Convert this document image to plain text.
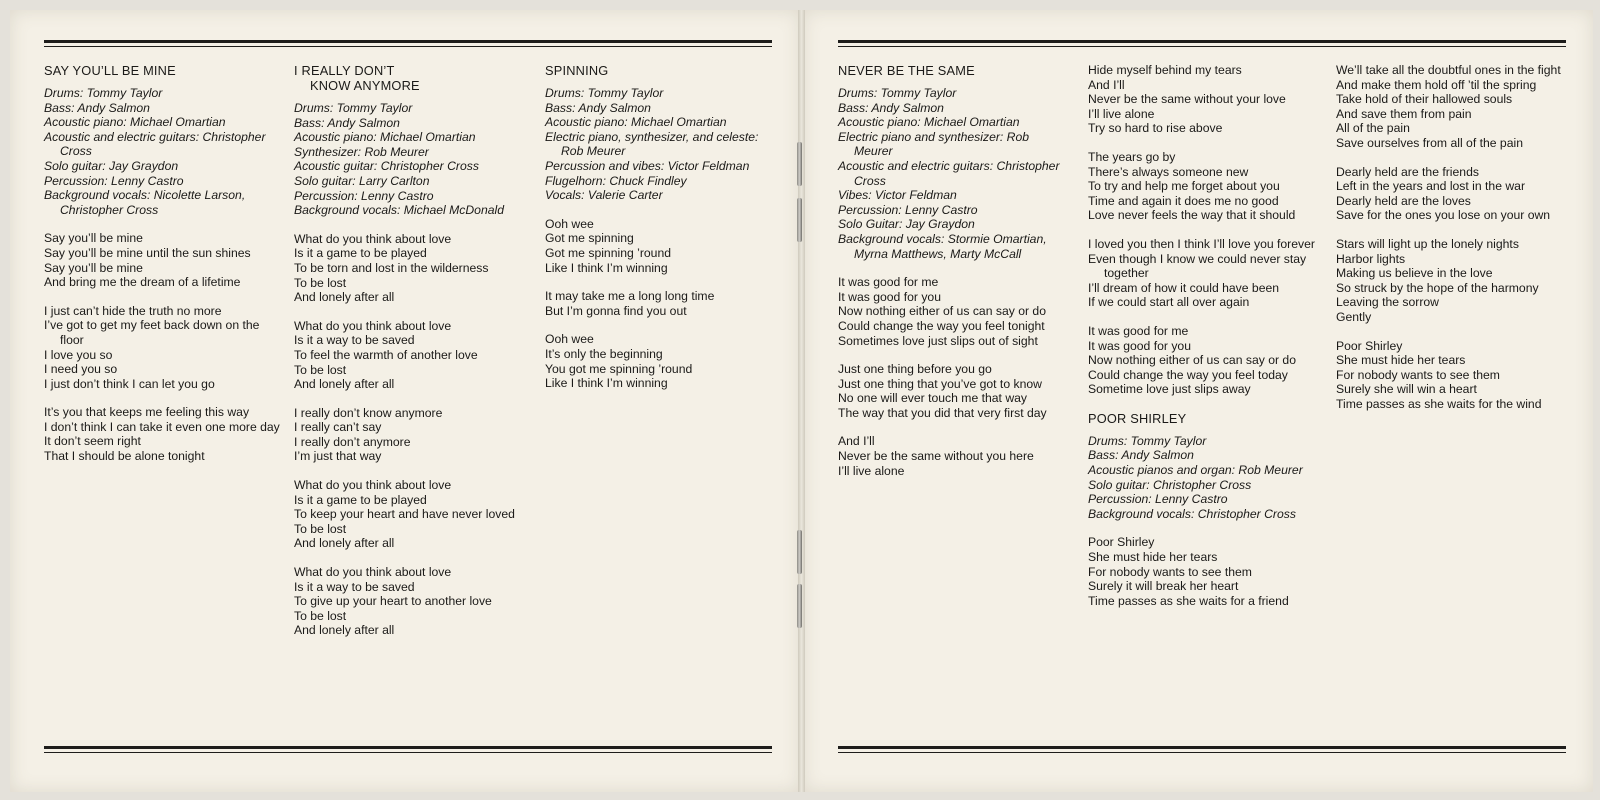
SAY YOU’LL BE MINE
Drums: Tommy Taylor
Bass: Andy Salmon
Acoustic piano: Michael Omartian
Acoustic and electric guitars: Christopher Cross
Solo guitar: Jay Graydon
Percussion: Lenny Castro
Background vocals: Nicolette Larson, Christopher Cross
Say you’ll be mine
Say you’ll be mine until the sun shines
Say you’ll be mine
And bring me the dream of a lifetime
I just can’t hide the truth no more
I’ve got to get my feet back down on the floor
I love you so
I need you so
I just don’t think I can let you go
It’s you that keeps me feeling this way
I don’t think I can take it even one more day
It don’t seem right
That I should be alone tonight
I REALLY DON’T KNOW ANYMORE
Drums: Tommy Taylor
Bass: Andy Salmon
Acoustic piano: Michael Omartian
Synthesizer: Rob Meurer
Acoustic guitar: Christopher Cross
Solo guitar: Larry Carlton
Percussion: Lenny Castro
Background vocals: Michael McDonald
What do you think about love
Is it a game to be played
To be torn and lost in the wilderness
To be lost
And lonely after all
What do you think about love
Is it a way to be saved
To feel the warmth of another love
To be lost
And lonely after all
I really don’t know anymore
I really can’t say
I really don’t anymore
I’m just that way
What do you think about love
Is it a game to be played
To keep your heart and have never loved
To be lost
And lonely after all
What do you think about love
Is it a way to be saved
To give up your heart to another love
To be lost
And lonely after all
SPINNING
Drums: Tommy Taylor
Bass: Andy Salmon
Acoustic piano: Michael Omartian
Electric piano, synthesizer, and celeste: Rob Meurer
Percussion and vibes: Victor Feldman
Flugelhorn: Chuck Findley
Vocals: Valerie Carter
Ooh wee
Got me spinning
Got me spinning ’round
Like I think I’m winning
It may take me a long long time
But I’m gonna find you out
Ooh wee
It’s only the beginning
You got me spinning ’round
Like I think I’m winning
NEVER BE THE SAME
Drums: Tommy Taylor
Bass: Andy Salmon
Acoustic piano: Michael Omartian
Electric piano and synthesizer: Rob Meurer
Acoustic and electric guitars: Christopher Cross
Vibes: Victor Feldman
Percussion: Lenny Castro
Solo Guitar: Jay Graydon
Background vocals: Stormie Omartian, Myrna Matthews, Marty McCall
It was good for me
It was good for you
Now nothing either of us can say or do
Could change the way you feel tonight
Sometimes love just slips out of sight
Just one thing before you go
Just one thing that you’ve got to know
No one will ever touch me that way
The way that you did that very first day
And I’ll
Never be the same without you here
I’ll live alone
Hide myself behind my tears
And I’ll
Never be the same without your love
I’ll live alone
Try so hard to rise above
The years go by
There’s always someone new
To try and help me forget about you
Time and again it does me no good
Love never feels the way that it should
I loved you then I think I’ll love you forever
Even though I know we could never stay together
I’ll dream of how it could have been
If we could start all over again
It was good for me
It was good for you
Now nothing either of us can say or do
Could change the way you feel today
Sometime love just slips away
POOR SHIRLEY
Drums: Tommy Taylor
Bass: Andy Salmon
Acoustic pianos and organ: Rob Meurer
Solo guitar: Christopher Cross
Percussion: Lenny Castro
Background vocals: Christopher Cross
Poor Shirley
She must hide her tears
For nobody wants to see them
Surely it will break her heart
Time passes as she waits for a friend
We’ll take all the doubtful ones in the fight
And make them hold off ’til the spring
Take hold of their hallowed souls
And save them from pain
All of the pain
Save ourselves from all of the pain
Dearly held are the friends
Left in the years and lost in the war
Dearly held are the loves
Save for the ones you lose on your own
Stars will light up the lonely nights
Harbor lights
Making us believe in the love
So struck by the hope of the harmony
Leaving the sorrow
Gently
Poor Shirley
She must hide her tears
For nobody wants to see them
Surely she will win a heart
Time passes as she waits for the wind
